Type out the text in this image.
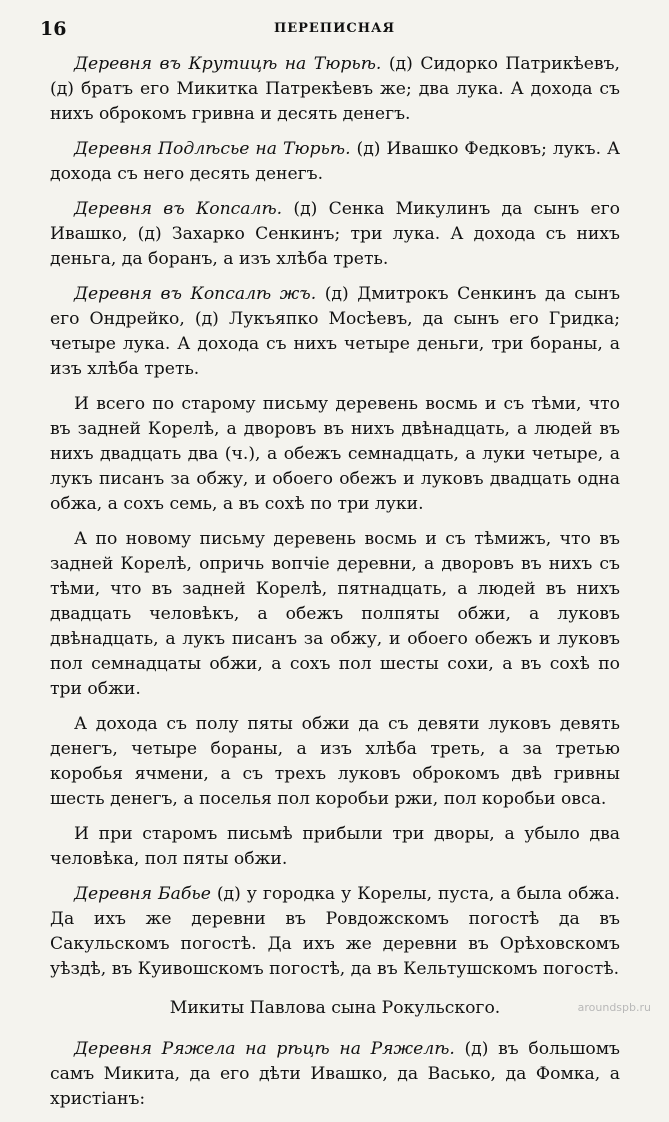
16	ПЕРЕПИСНАЯ

Деревня въ Крутицѣ на Тюрьѣ. (д) Сидорко Патрикѣевъ, (д) братъ его Микитка Патрекѣевъ же; два лука. А дохода съ нихъ оброкомъ гривна и десять денегъ.

Деревня Подлѣсье на Тюрьѣ. (д) Ивашко Федковъ; лукъ. А дохода съ него десять денегъ.

Деревня въ Копсалѣ. (д) Сенка Микулинъ да сынъ его Ивашко, (д) Захарко Сенкинъ; три лука. А дохода съ нихъ деньга, да боранъ, а изъ хлѣба треть.

Деревня въ Копсалѣ жъ. (д) Дмитрокъ Сенкинъ да сынъ его Ондрейко, (д) Лукъяпко Мосѣевъ, да сынъ его Гридка; четыре лука. А дохода съ нихъ четыре деньги, три бораны, а изъ хлѣба треть.

И всего по старому письму деревень восмь и съ тѣми, что въ задней Корелѣ, а дворовъ въ нихъ двѣнадцать, а людей въ нихъ двадцать два (ч.), а обежъ семнадцать, а луки четыре, а лукъ писанъ за обжу, и обоего обежъ и луковъ двадцать одна обжа, а сохъ семь, а въ сохѣ по три луки.

А по новому письму деревень восмь и съ тѣмижъ, что въ задней Корелѣ, опричь вопчіе деревни, а дворовъ въ нихъ съ тѣми, что въ задней Корелѣ, пятнадцать, а людей въ нихъ двадцать человѣкъ, а обежъ полпяты обжи, а луковъ двѣнадцать, а лукъ писанъ за обжу, и обоего обежъ и луковъ пол семнадцаты обжи, а сохъ пол шесты сохи, а въ сохѣ по три обжи.

А дохода съ полу пяты обжи да съ девяти луковъ девять денегъ, четыре бораны, а изъ хлѣба треть, а за третью коробья ячмени, а съ трехъ луковъ оброкомъ двѣ гривны шесть денегъ, а поселья пол коробьи ржи, пол коробьи овса.

И при старомъ письмѣ прибыли три дворы, а убыло два человѣка, пол пяты обжи.

Деревня Бабье (д) у городка у Корелы, пуста, а была обжа. Да ихъ же деревни въ Ровдожскомъ погостѣ да въ Сакульскомъ погостѣ. Да ихъ же деревни въ Орѣховскомъ уѣздѣ, въ Куивошскомъ погостѣ, да въ Кельтушскомъ погостѣ.

Микиты Павлова сына Рокульского.

Деревня Ряжела на рѣцѣ на Ряжелѣ. (д) въ большомъ самъ Микита, да его дѣти Ивашко, да Васько, да Фомка, а христіанъ:

aroundspb.ru
